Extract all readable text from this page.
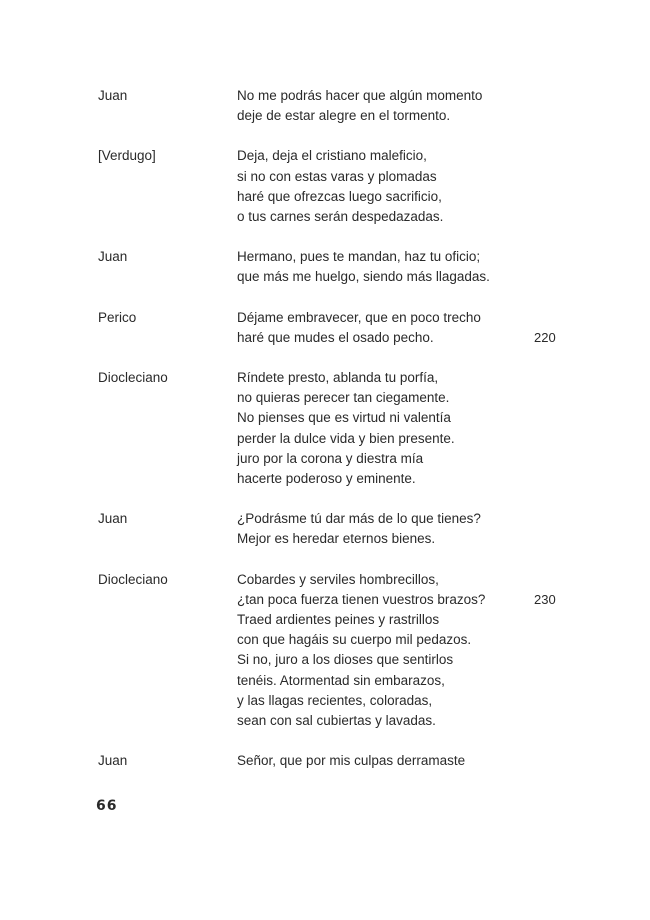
Juan	No me podrás hacer que algún momento
deje de estar alegre en el tormento.
[Verdugo]	Deja, deja el cristiano maleficio,
si no con estas varas y plomadas
haré que ofrezcas luego sacrificio,
o tus carnes serán despedazadas.
Juan	Hermano, pues te mandan, haz tu oficio;
que más me huelgo, siendo más llagadas.
Perico	Déjame embravecer, que en poco trecho
haré que mudes el osado pecho.	220
Diocleciano	Ríndete presto, ablanda tu porfía,
no quieras perecer tan ciegamente.
No pienses que es virtud ni valentía
perder la dulce vida y bien presente.
juro por la corona y diestra mía
hacerte poderoso y eminente.
Juan	¿Podrásme tú dar más de lo que tienes?
Mejor es heredar eternos bienes.
Diocleciano	Cobardes y serviles hombrecillos,
¿tan poca fuerza tienen vuestros brazos?	230
Traed ardientes peines y rastrillos
con que hagáis su cuerpo mil pedazos.
Si no, juro a los dioses que sentirlos
tenéis. Atormentad sin embarazos,
y las llagas recientes, coloradas,
sean con sal cubiertas y lavadas.
Juan	Señor, que por mis culpas derramaste
66
